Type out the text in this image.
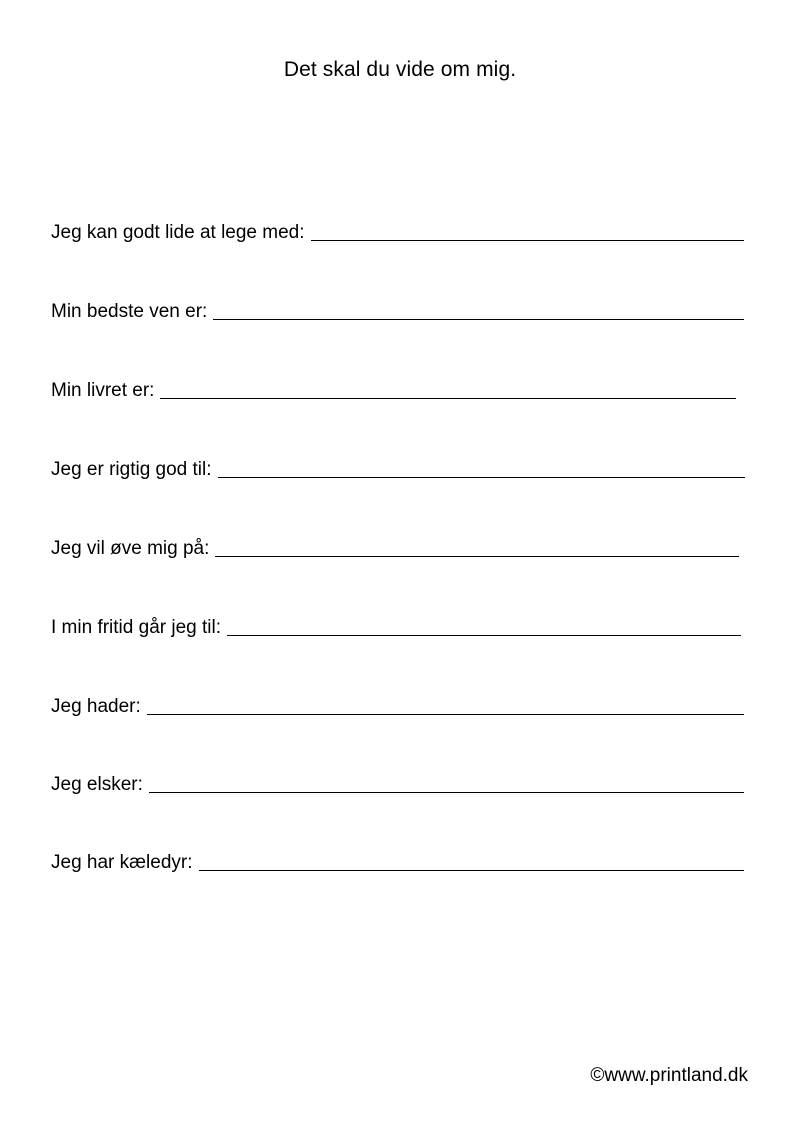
Det skal du vide om mig.
Jeg kan godt lide at lege med:
Min bedste ven er:
Min livret er:
Jeg er rigtig god til:
Jeg vil øve mig på:
I min fritid går jeg til:
Jeg hader:
Jeg elsker:
Jeg har kæledyr:
©www.printland.dk
